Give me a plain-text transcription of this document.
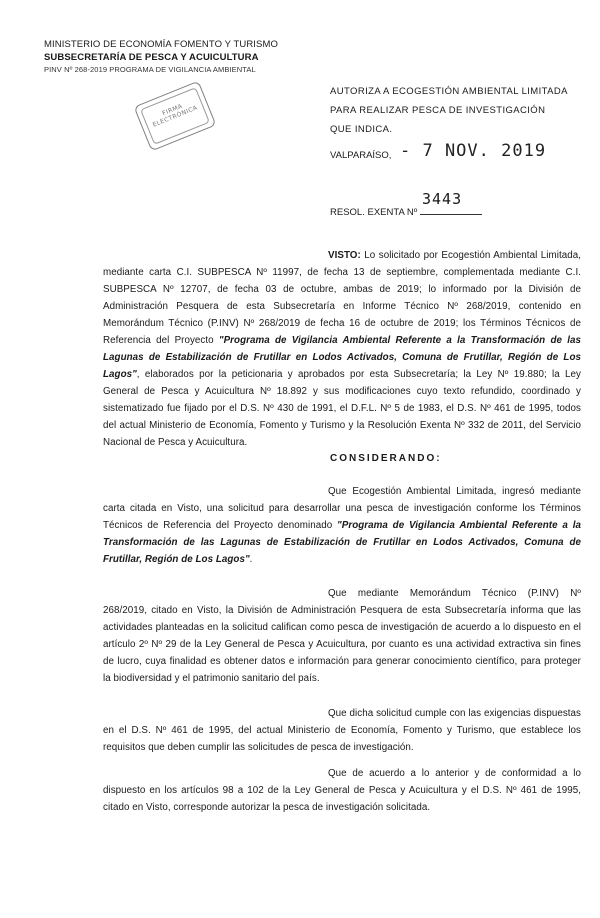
MINISTERIO DE ECONOMÍA FOMENTO Y TURISMO
SUBSECRETARÍA DE PESCA Y ACUICULTURA
PINV Nº 268-2019 PROGRAMA DE VIGILANCIA AMBIENTAL
FIRMA ELECTRÓNICA
AUTORIZA A ECOGESTIÓN AMBIENTAL LIMITADA PARA REALIZAR PESCA DE INVESTIGACIÓN QUE INDICA.
VALPARAÍSO, - 7 NOV. 2019
RESOL. EXENTA Nº
3443
VISTO: Lo solicitado por Ecogestión Ambiental Limitada, mediante carta C.I. SUBPESCA Nº 11997, de fecha 13 de septiembre, complementada mediante C.I. SUBPESCA Nº 12707, de fecha 03 de octubre, ambas de 2019; lo informado por la División de Administración Pesquera de esta Subsecretaría en Informe Técnico Nº 268/2019, contenido en Memorándum Técnico (P.INV) Nº 268/2019 de fecha 16 de octubre de 2019; los Términos Técnicos de Referencia del Proyecto "Programa de Vigilancia Ambiental Referente a la Transformación de las Lagunas de Estabilización de Frutillar en Lodos Activados, Comuna de Frutillar, Región de Los Lagos", elaborados por la peticionaria y aprobados por esta Subsecretaría; la Ley Nº 19.880; la Ley General de Pesca y Acuicultura Nº 18.892 y sus modificaciones cuyo texto refundido, coordinado y sistematizado fue fijado por el D.S. Nº 430 de 1991, el D.F.L. Nº 5 de 1983, el D.S. Nº 461 de 1995, todos del actual Ministerio de Economía, Fomento y Turismo y la Resolución Exenta Nº 332 de 2011, del Servicio Nacional de Pesca y Acuicultura.
CONSIDERANDO:
Que Ecogestión Ambiental Limitada, ingresó mediante carta citada en Visto, una solicitud para desarrollar una pesca de investigación conforme los Términos Técnicos de Referencia del Proyecto denominado "Programa de Vigilancia Ambiental Referente a la Transformación de las Lagunas de Estabilización de Frutillar en Lodos Activados, Comuna de Frutillar, Región de Los Lagos".
Que mediante Memorándum Técnico (P.INV) Nº 268/2019, citado en Visto, la División de Administración Pesquera de esta Subsecretaría informa que las actividades planteadas en la solicitud califican como pesca de investigación de acuerdo a lo dispuesto en el artículo 2º Nº 29 de la Ley General de Pesca y Acuicultura, por cuanto es una actividad extractiva sin fines de lucro, cuya finalidad es obtener datos e información para generar conocimiento científico, para proteger la biodiversidad y el patrimonio sanitario del país.
Que dicha solicitud cumple con las exigencias dispuestas en el D.S. Nº 461 de 1995, del actual Ministerio de Economía, Fomento y Turismo, que establece los requisitos que deben cumplir las solicitudes de pesca de investigación.
Que de acuerdo a lo anterior y de conformidad a lo dispuesto en los artículos 98 a 102 de la Ley General de Pesca y Acuicultura y el D.S. Nº 461 de 1995, citado en Visto, corresponde autorizar la pesca de investigación solicitada.
